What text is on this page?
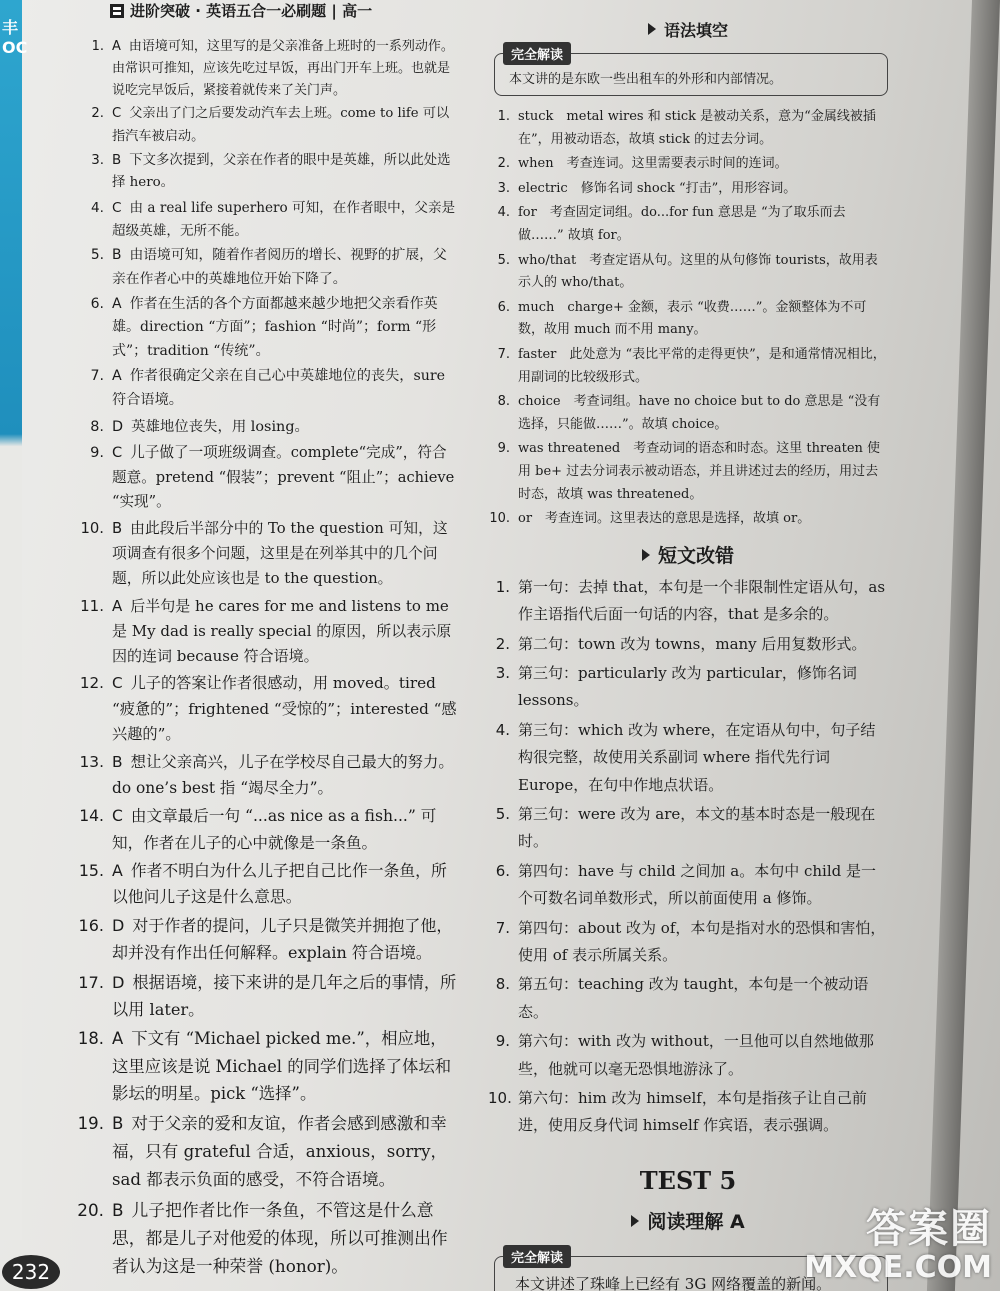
丰 OC
进阶突破 · 英语五合一必刷题 | 高一
1. A 由语境可知，这里写的是父亲准备上班时的一系列动作。由常识可推知，应该先吃过早饭，再出门开车上班。也就是说吃完早饭后，紧接着就传来了关门声。
2. C 父亲出了门之后要发动汽车去上班。come to life 可以指汽车被启动。
3. B 下文多次提到，父亲在作者的眼中是英雄，所以此处选择 hero。
4. C 由 a real life superhero 可知，在作者眼中，父亲是超级英雄，无所不能。
5. B 由语境可知，随着作者阅历的增长、视野的扩展，父亲在作者心中的英雄地位开始下降了。
6. A 作者在生活的各个方面都越来越少地把父亲看作英雄。direction “方面”；fashion “时尚”；form “形式”；tradition “传统”。
7. A 作者很确定父亲在自己心中英雄地位的丧失，sure 符合语境。
8. D 英雄地位丧失，用 losing。
9. C 儿子做了一项班级调查。complete“完成”，符合题意。pretend “假装”；prevent “阻止”；achieve “实现”。
10. B 由此段后半部分中的 To the question 可知，这项调查有很多个问题，这里是在列举其中的几个问题，所以此处应该也是 to the question。
11. A 后半句是 he cares for me and listens to me 是 My dad is really special 的原因，所以表示原因的连词 because 符合语境。
12. C 儿子的答案让作者很感动，用 moved。tired “疲惫的”；frightened “受惊的”；interested “感兴趣的”。
13. B 想让父亲高兴，儿子在学校尽自己最大的努力。do one’s best 指 “竭尽全力”。
14. C 由文章最后一句 “...as nice as a fish...” 可知，作者在儿子的心中就像是一条鱼。
15. A 作者不明白为什么儿子把自己比作一条鱼，所以他问儿子这是什么意思。
16. D 对于作者的提问，儿子只是微笑并拥抱了他，却并没有作出任何解释。explain 符合语境。
17. D 根据语境，接下来讲的是几年之后的事情，所以用 later。
18. A 下文有 “Michael picked me.”，相应地，这里应该是说 Michael 的同学们选择了体坛和影坛的明星。pick “选择”。
19. B 对于父亲的爱和友谊，作者会感到感激和幸福，只有 grateful 合适，anxious，sorry，sad 都表示负面的感受，不符合语境。
20. B 儿子把作者比作一条鱼，不管这是什么意思，都是儿子对他爱的体现，所以可推测出作者认为这是一种荣誉 (honor)。
语法填空
完全解读
本文讲的是东欧一些出租车的外形和内部情况。
1. stuck　metal wires 和 stick 是被动关系，意为“金属线被插在”，用被动语态，故填 stick 的过去分词。
2. when　考查连词。这里需要表示时间的连词。
3. electric　修饰名词 shock “打击”，用形容词。
4. for　考查固定词组。do...for fun 意思是 “为了取乐而去做……” 故填 for。
5. who/that　考查定语从句。这里的从句修饰 tourists，故用表示人的 who/that。
6. much　charge+ 金额，表示 “收费……”。金额整体为不可数，故用 much 而不用 many。
7. faster　此处意为 “表比平常的走得更快”，是和通常情况相比，用副词的比较级形式。
8. choice　考查词组。have no choice but to do 意思是 “没有选择，只能做……”。故填 choice。
9. was threatened　考查动词的语态和时态。这里 threaten 使用 be+ 过去分词表示被动语态，并且讲述过去的经历，用过去时态，故填 was threatened。
10. or　考查连词。这里表达的意思是选择，故填 or。
短文改错
1. 第一句：去掉 that，本句是一个非限制性定语从句，as 作主语指代后面一句话的内容，that 是多余的。
2. 第二句：town 改为 towns，many 后用复数形式。
3. 第三句：particularly 改为 particular，修饰名词 lessons。
4. 第三句：which 改为 where，在定语从句中，句子结构很完整，故使用关系副词 where 指代先行词 Europe，在句中作地点状语。
5. 第三句：were 改为 are，本文的基本时态是一般现在时。
6. 第四句：have 与 child 之间加 a。本句中 child 是一个可数名词单数形式，所以前面使用 a 修饰。
7. 第四句：about 改为 of，本句是指对水的恐惧和害怕，使用 of 表示所属关系。
8. 第五句：teaching 改为 taught，本句是一个被动语态。
9. 第六句：with 改为 without，一旦他可以自然地做那些，他就可以毫无恐惧地游泳了。
10. 第六句：him 改为 himself，本句是指孩子让自己前进，使用反身代词 himself 作宾语，表示强调。
TEST 5
阅读理解 A
完全解读
本文讲述了珠峰上已经有 3G 网络覆盖的新闻。
232
答案圈
MXQE.COM
